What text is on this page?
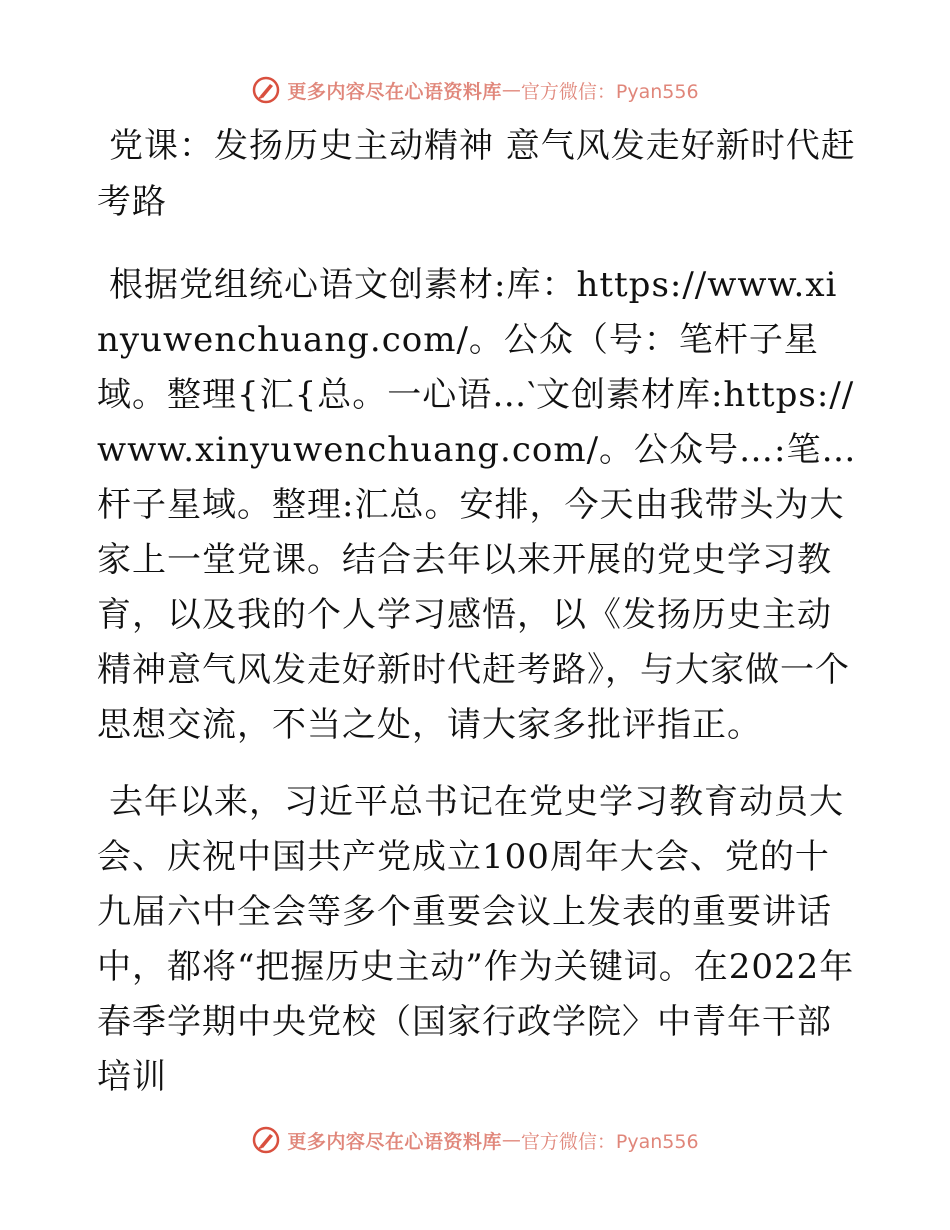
更多内容尽在心语资料库 — 官方微信：Pyan556
党课：发扬历史主动精神 意气风发走好新时代赶
考路

根据党组统心语文创素材:库：https://www.xinyuwenchuang.com/。公众（号：笔杆子星域。整理{汇{总。一心语…‵文创素材库:https://www.xinyuwenchuang.com/。公众号…:笔…杆子星域。整理:汇总。安排，今天由我带头为大家上一堂党课。结合去年以来开展的党史学习教育，以及我的个人学习感悟，以《发扬历史主动精神意气风发走好新时代赶考路》，与大家做一个思想交流，不当之处，请大家多批评指正。

去年以来，习近平总书记在党史学习教育动员大会、庆祝中国共产党成立100周年大会、党的十九届六中全会等多个重要会议上发表的重要讲话中，都将“把握历史主动”作为关键词。在2022年春季学期中央党校（国家行政学院〉中青年干部培训

更多内容尽在心语资料库 — 官方微信：Pyan556
